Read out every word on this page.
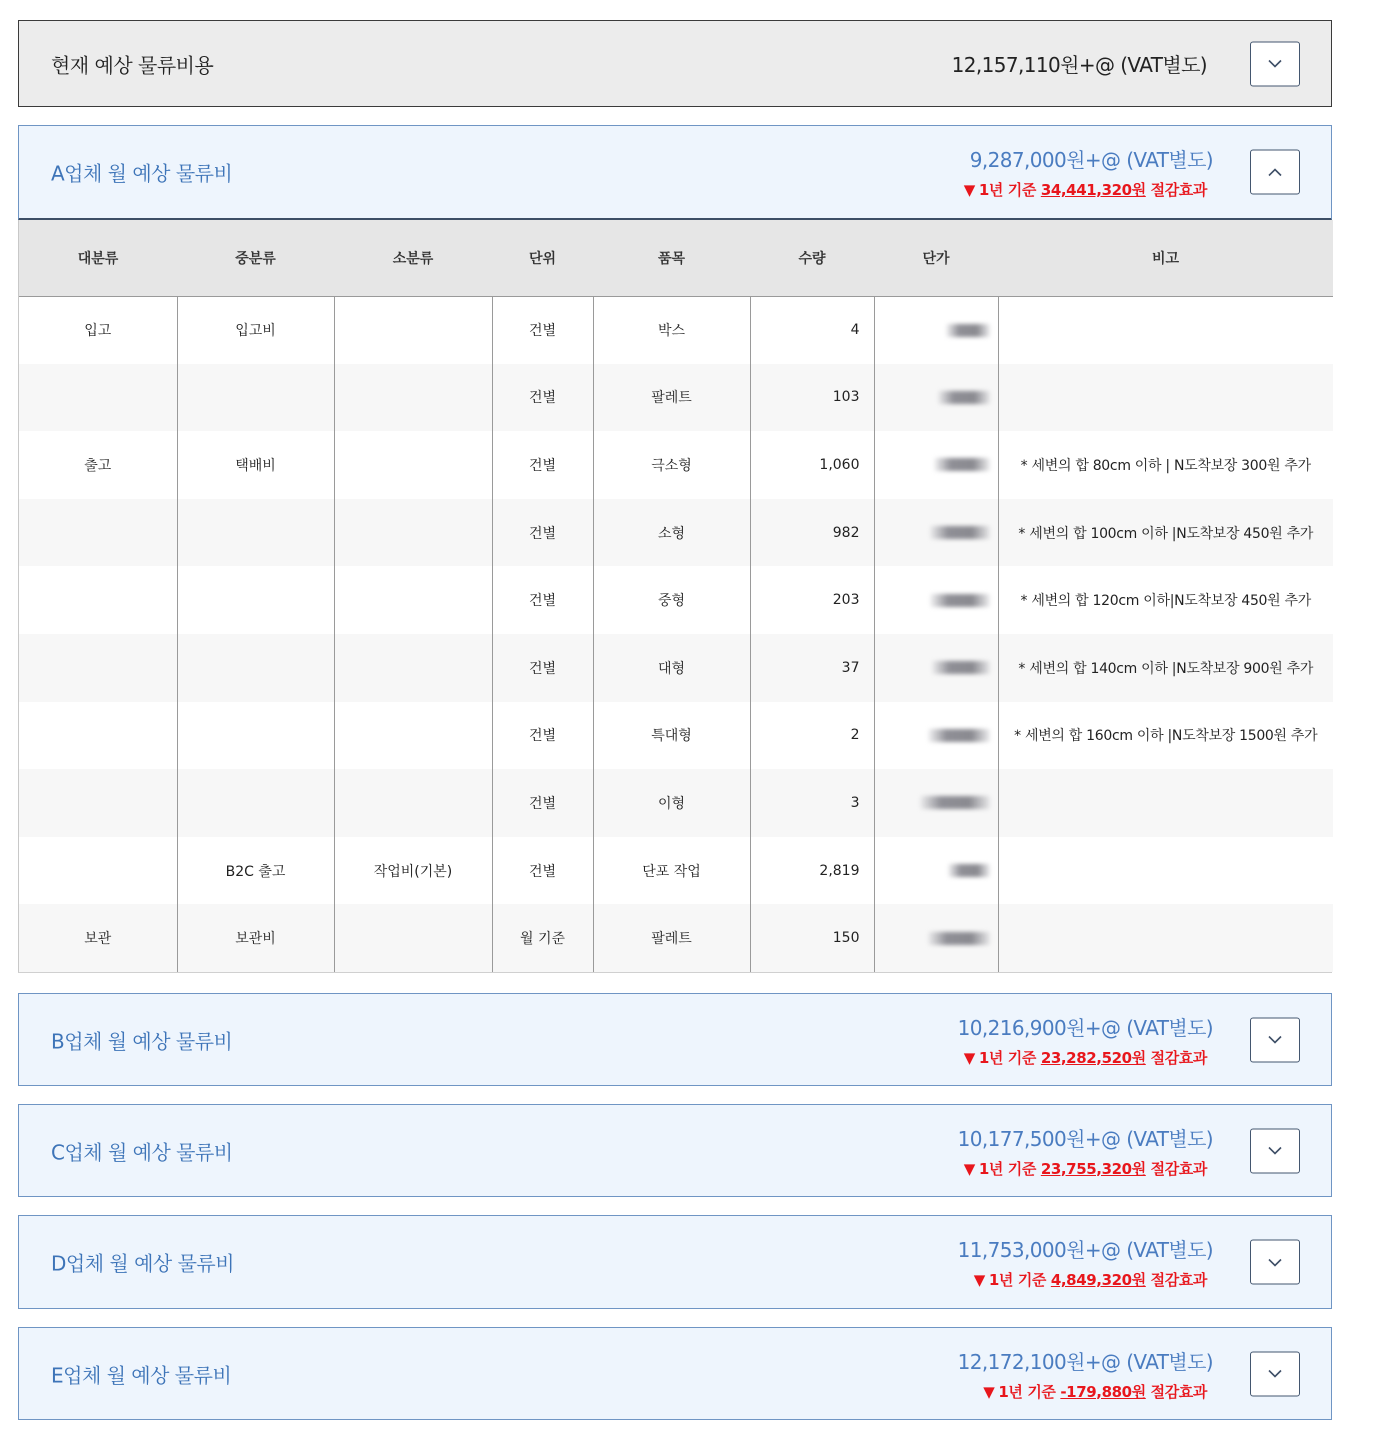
현재 예상 물류비용	12,157,110원+@ (VAT별도)
A업체 월 예상 물류비
9,287,000원+@ (VAT별도)
▼ 1년 기준 34,441,320원 절감효과
대분류	중분류	소분류	단위	품목	수량	단가	비고
입고	입고비		건별	박스	4		
			건별	팔레트	103		
출고	택배비		건별	극소형	1,060		* 세변의 합 80cm 이하 | N도착보장 300원 추가
			건별	소형	982		* 세변의 합 100cm 이하 |N도착보장 450원 추가
			건별	중형	203		* 세변의 합 120cm 이하|N도착보장 450원 추가
			건별	대형	37		* 세변의 합 140cm 이하 |N도착보장 900원 추가
			건별	특대형	2		* 세변의 합 160cm 이하 |N도착보장 1500원 추가
			건별	이형	3		
	B2C 출고	작업비(기본)	건별	단포 작업	2,819		
보관	보관비		월 기준	팔레트	150		
B업체 월 예상 물류비
10,216,900원+@ (VAT별도)
▼ 1년 기준 23,282,520원 절감효과
C업체 월 예상 물류비
10,177,500원+@ (VAT별도)
▼ 1년 기준 23,755,320원 절감효과
D업체 월 예상 물류비
11,753,000원+@ (VAT별도)
▼ 1년 기준 4,849,320원 절감효과
E업체 월 예상 물류비
12,172,100원+@ (VAT별도)
▼ 1년 기준 -179,880원 절감효과
